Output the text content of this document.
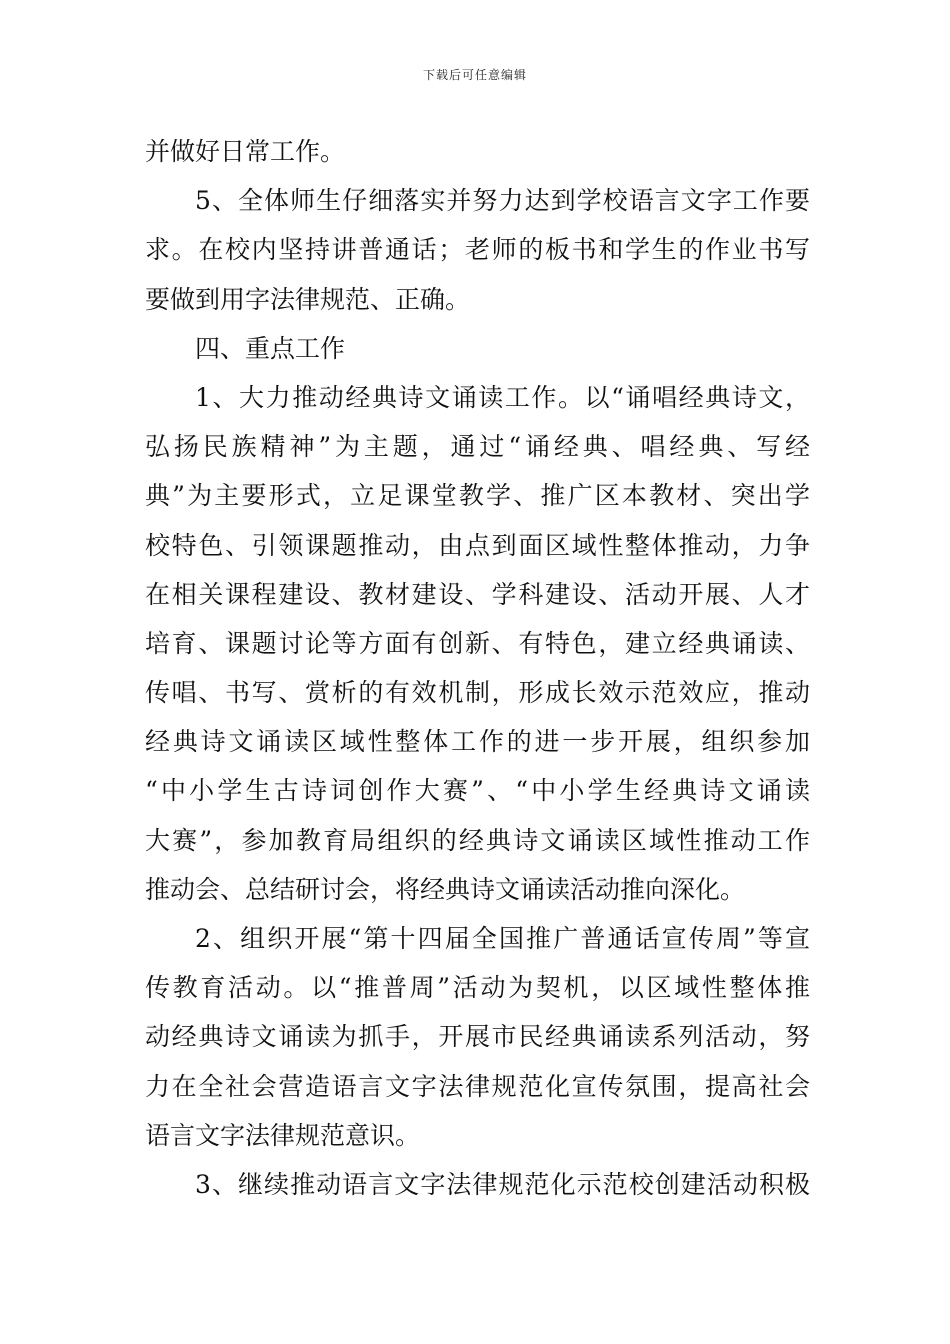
下载后可任意编辑
并做好日常工作。
5、全体师生仔细落实并努力达到学校语言文字工作要
求。在校内坚持讲普通话；老师的板书和学生的作业书写
要做到用字法律规范、正确。
四、重点工作
1、大力推动经典诗文诵读工作。以“诵唱经典诗文，
弘扬民族精神”为主题，通过“诵经典、唱经典、写经
典”为主要形式，立足课堂教学、推广区本教材、突出学
校特色、引领课题推动，由点到面区域性整体推动，力争
在相关课程建设、教材建设、学科建设、活动开展、人才
培育、课题讨论等方面有创新、有特色，建立经典诵读、
传唱、书写、赏析的有效机制，形成长效示范效应，推动
经典诗文诵读区域性整体工作的进一步开展，组织参加
“中小学生古诗词创作大赛”、“中小学生经典诗文诵读
大赛”，参加教育局组织的经典诗文诵读区域性推动工作
推动会、总结研讨会，将经典诗文诵读活动推向深化。
2、组织开展“第十四届全国推广普通话宣传周”等宣
传教育活动。以“推普周”活动为契机，以区域性整体推
动经典诗文诵读为抓手，开展市民经典诵读系列活动，努
力在全社会营造语言文字法律规范化宣传氛围，提高社会
语言文字法律规范意识。
3、继续推动语言文字法律规范化示范校创建活动积极
